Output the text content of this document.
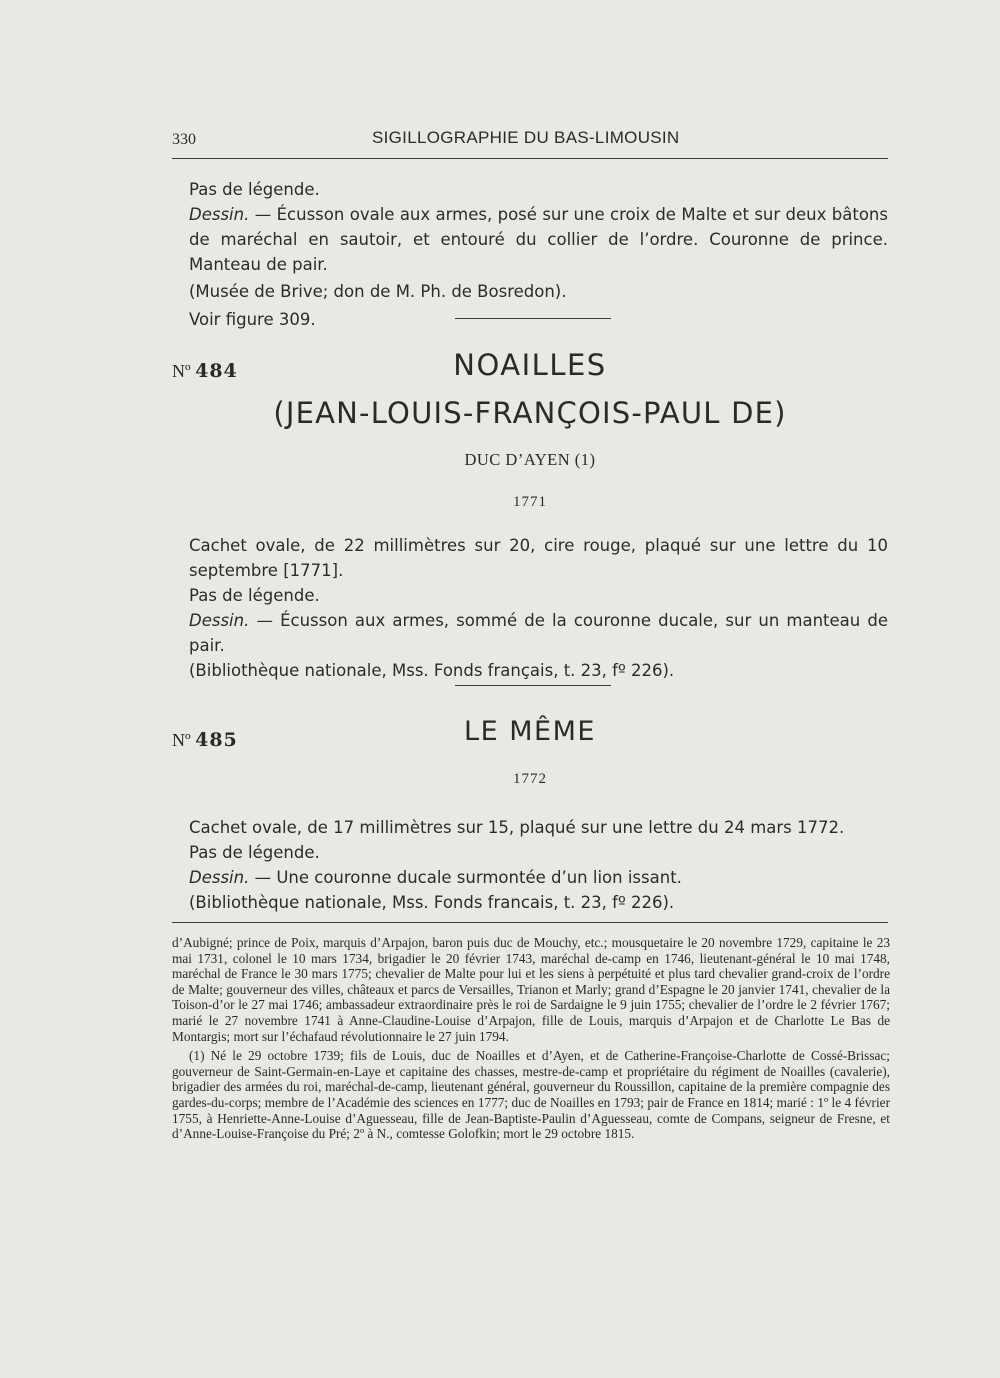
330	SIGILLOGRAPHIE DU BAS-LIMOUSIN
Pas de légende.
Dessin. — Écusson ovale aux armes, posé sur une croix de Malte et sur deux bâtons de maréchal en sautoir, et entouré du collier de l’ordre. Couronne de prince. Manteau de pair.
(Musée de Brive; don de M. Ph. de Bosredon).
Voir figure 309.
Nº 484	NOAILLES
(JEAN-LOUIS-FRANÇOIS-PAUL DE)
DUC D’AYEN (1)
1771
Cachet ovale, de 22 millimètres sur 20, cire rouge, plaqué sur une lettre du 10 septembre [1771].
Pas de légende.
Dessin. — Écusson aux armes, sommé de la couronne ducale, sur un manteau de pair.
(Bibliothèque nationale, Mss. Fonds français, t. 23, fº 226).
Nº 485	LE MÊME
1772
Cachet ovale, de 17 millimètres sur 15, plaqué sur une lettre du 24 mars 1772.
Pas de légende.
Dessin. — Une couronne ducale surmontée d’un lion issant.
(Bibliothèque nationale, Mss. Fonds francais, t. 23, fº 226).

d’Aubigné; prince de Poix, marquis d’Arpajon, baron puis duc de Mouchy, etc.; mousquetaire le 20 novembre 1729, capitaine le 23 mai 1731, colonel le 10 mars 1734, brigadier le 20 février 1743, maréchal de-camp en 1746, lieutenant-général le 10 mai 1748, maréchal de France le 30 mars 1775; chevalier de Malte pour lui et les siens à perpétuité et plus tard chevalier grand-croix de l’ordre de Malte; gouverneur des villes, châteaux et parcs de Versailles, Trianon et Marly; grand d’Espagne le 20 janvier 1741, chevalier de la Toison-d’or le 27 mai 1746; ambassadeur extraordinaire près le roi de Sardaigne le 9 juin 1755; chevalier de l’ordre le 2 février 1767; marié le 27 novembre 1741 à Anne-Claudine-Louise d’Arpajon, fille de Louis, marquis d’Arpajon et de Charlotte Le Bas de Montargis; mort sur l’échafaud révolutionnaire le 27 juin 1794.

(1) Né le 29 octobre 1739; fils de Louis, duc de Noailles et d’Ayen, et de Catherine-Françoise-Charlotte de Cossé-Brissac; gouverneur de Saint-Germain-en-Laye et capitaine des chasses, mestre-de-camp et propriétaire du régiment de Noailles (cavalerie), brigadier des armées du roi, maréchal-de-camp, lieutenant général, gouverneur du Roussillon, capitaine de la première compagnie des gardes-du-corps; membre de l’Académie des sciences en 1777; duc de Noailles en 1793; pair de France en 1814; marié : 1º le 4 février 1755, à Henriette-Anne-Louise d’Aguesseau, fille de Jean-Baptiste-Paulin d’Aguesseau, comte de Compans, seigneur de Fresne, et d’Anne-Louise-Françoise du Pré; 2º à N., comtesse Golofkin; mort le 29 octobre 1815.
